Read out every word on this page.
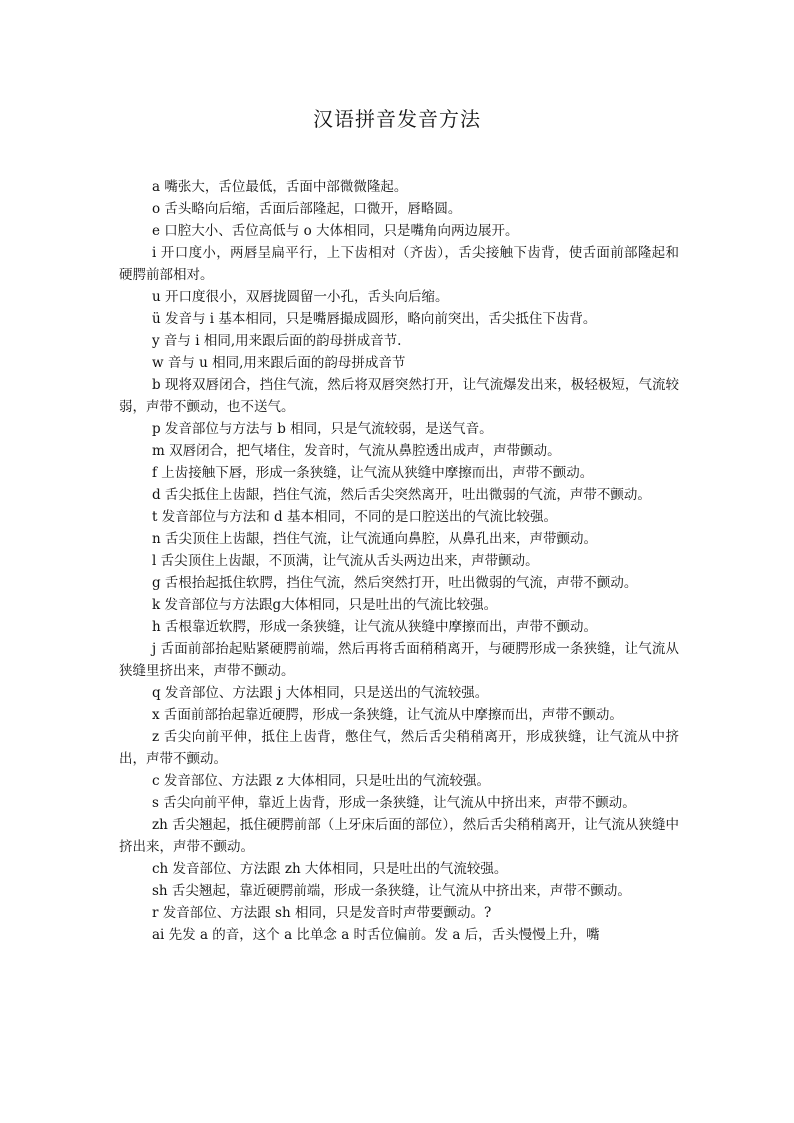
汉语拼音发音方法

a 嘴张大，舌位最低，舌面中部微微隆起。

o 舌头略向后缩，舌面后部隆起，口微开，唇略圆。

e 口腔大小、舌位高低与 o 大体相同，只是嘴角向两边展开。

i 开口度小，两唇呈扁平行，上下齿相对（齐齿），舌尖接触下齿背，使舌面前部隆起和硬腭前部相对。

u 开口度很小，双唇拢圆留一小孔，舌头向后缩。

ü 发音与 i 基本相同，只是嘴唇撮成圆形，略向前突出，舌尖抵住下齿背。

y 音与 i 相同,用来跟后面的韵母拼成音节.

w 音与 u 相同,用来跟后面的韵母拼成音节

b 现将双唇闭合，挡住气流，然后将双唇突然打开，让气流爆发出来，极轻极短，气流较弱，声带不颤动，也不送气。

p 发音部位与方法与 b 相同，只是气流较弱，是送气音。

m 双唇闭合，把气堵住，发音时，气流从鼻腔透出成声，声带颤动。

f 上齿接触下唇，形成一条狭缝，让气流从狭缝中摩擦而出，声带不颤动。

d 舌尖抵住上齿龈，挡住气流，然后舌尖突然离开，吐出微弱的气流，声带不颤动。

t 发音部位与方法和 d 基本相同，不同的是口腔送出的气流比较强。

n 舌尖顶住上齿龈，挡住气流，让气流通向鼻腔，从鼻孔出来，声带颤动。

l 舌尖顶住上齿龈，不顶满，让气流从舌头两边出来，声带颤动。

g 舌根抬起抵住软腭，挡住气流，然后突然打开，吐出微弱的气流，声带不颤动。

k 发音部位与方法跟g大体相同，只是吐出的气流比较强。

h 舌根靠近软腭，形成一条狭缝，让气流从狭缝中摩擦而出，声带不颤动。

j 舌面前部抬起贴紧硬腭前端，然后再将舌面稍稍离开，与硬腭形成一条狭缝，让气流从狭缝里挤出来，声带不颤动。

q 发音部位、方法跟 j 大体相同，只是送出的气流较强。

x 舌面前部抬起靠近硬腭，形成一条狭缝，让气流从中摩擦而出，声带不颤动。

z 舌尖向前平伸，抵住上齿背，憋住气，然后舌尖稍稍离开，形成狭缝，让气流从中挤出，声带不颤动。

c 发音部位、方法跟 z 大体相同，只是吐出的气流较强。

s 舌尖向前平伸，靠近上齿背，形成一条狭缝，让气流从中挤出来，声带不颤动。

zh 舌尖翘起，抵住硬腭前部（上牙床后面的部位），然后舌尖稍稍离开，让气流从狭缝中挤出来，声带不颤动。

ch 发音部位、方法跟 zh 大体相同，只是吐出的气流较强。

sh 舌尖翘起，靠近硬腭前端，形成一条狭缝，让气流从中挤出来，声带不颤动。

r 发音部位、方法跟 sh 相同，只是发音时声带要颤动。?

ai 先发 a 的音，这个 a 比单念 a 时舌位偏前。发 a 后，舌头慢慢上升，嘴
